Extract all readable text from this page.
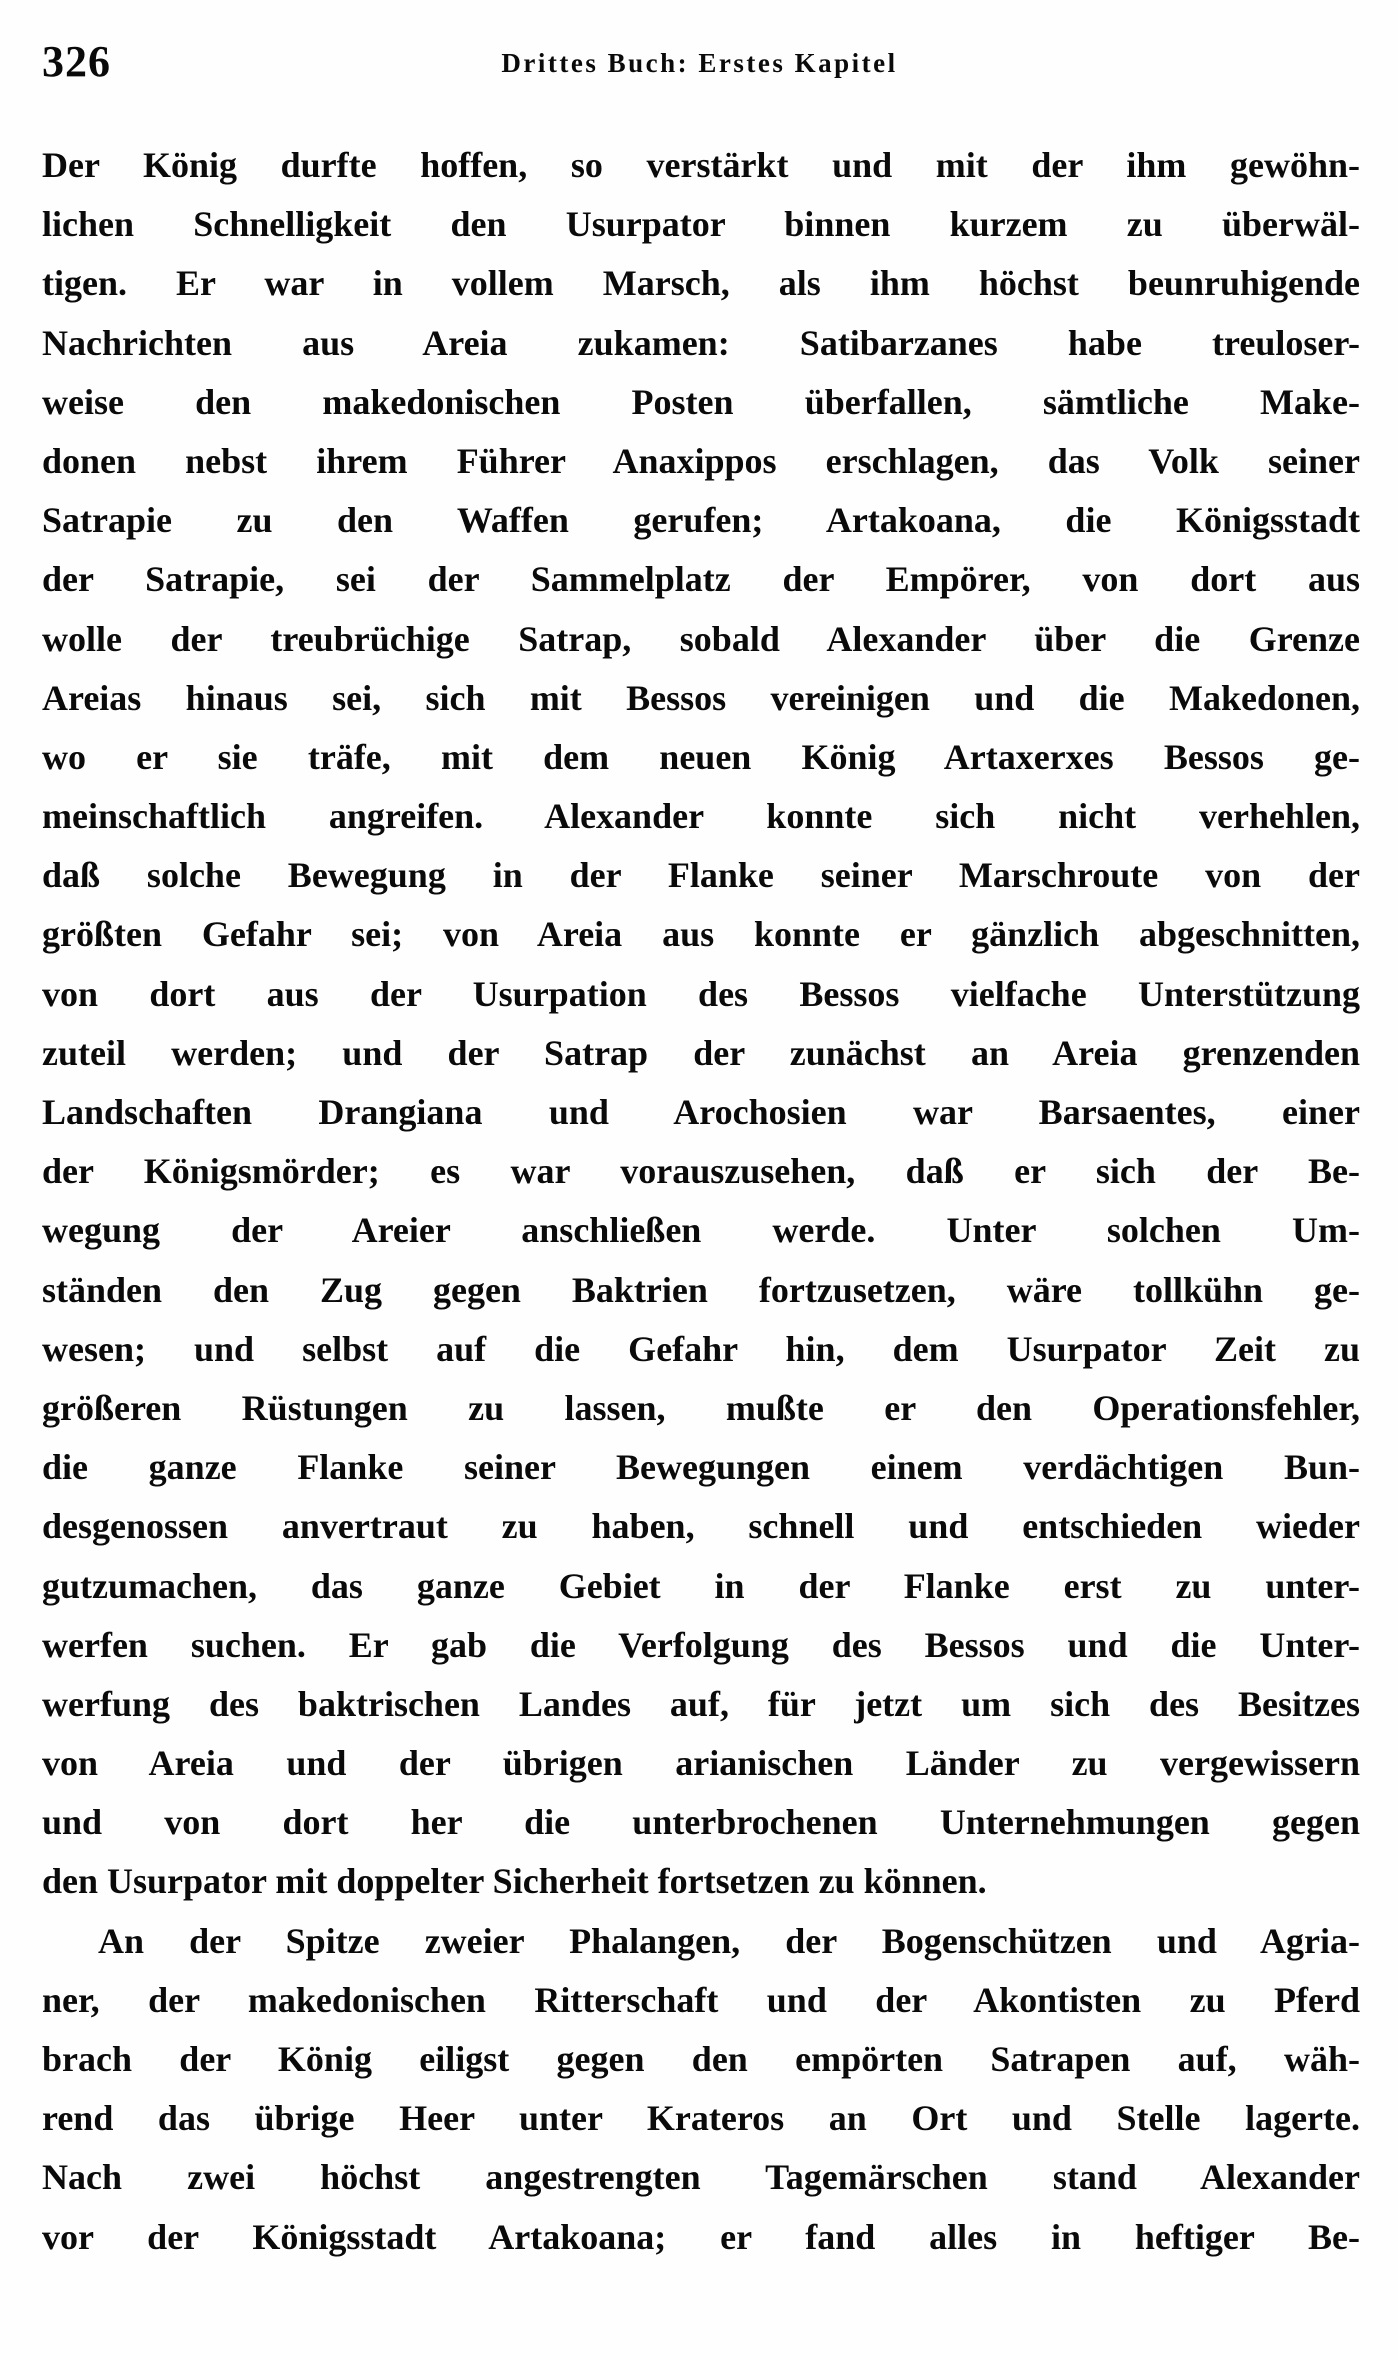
326	Drittes Buch: Erstes Kapitel
Der König durfte hoffen, so verstärkt und mit der ihm gewöhn-
lichen Schnelligkeit den Usurpator binnen kurzem zu überwäl-
tigen. Er war in vollem Marsch, als ihm höchst beunruhigende
Nachrichten aus Areia zukamen: Satibarzanes habe treuloser-
weise den makedonischen Posten überfallen, sämtliche Make-
donen nebst ihrem Führer Anaxippos erschlagen, das Volk seiner
Satrapie zu den Waffen gerufen; Artakoana, die Königsstadt
der Satrapie, sei der Sammelplatz der Empörer, von dort aus
wolle der treubrüchige Satrap, sobald Alexander über die Grenze
Areias hinaus sei, sich mit Bessos vereinigen und die Makedonen,
wo er sie träfe, mit dem neuen König Artaxerxes Bessos ge-
meinschaftlich angreifen. Alexander konnte sich nicht verhehlen,
daß solche Bewegung in der Flanke seiner Marschroute von der
größten Gefahr sei; von Areia aus konnte er gänzlich abgeschnitten,
von dort aus der Usurpation des Bessos vielfache Unterstützung
zuteil werden; und der Satrap der zunächst an Areia grenzenden
Landschaften Drangiana und Arochosien war Barsaentes, einer
der Königsmörder; es war vorauszusehen, daß er sich der Be-
wegung der Areier anschließen werde. Unter solchen Um-
ständen den Zug gegen Baktrien fortzusetzen, wäre tollkühn ge-
wesen; und selbst auf die Gefahr hin, dem Usurpator Zeit zu
größeren Rüstungen zu lassen, mußte er den Operationsfehler,
die ganze Flanke seiner Bewegungen einem verdächtigen Bun-
desgenossen anvertraut zu haben, schnell und entschieden wieder
gutzumachen, das ganze Gebiet in der Flanke erst zu unter-
werfen suchen. Er gab die Verfolgung des Bessos und die Unter-
werfung des baktrischen Landes auf, für jetzt um sich des Besitzes
von Areia und der übrigen arianischen Länder zu vergewissern
und von dort her die unterbrochenen Unternehmungen gegen
den Usurpator mit doppelter Sicherheit fortsetzen zu können.
An der Spitze zweier Phalangen, der Bogenschützen und Agria-
ner, der makedonischen Ritterschaft und der Akontisten zu Pferd
brach der König eiligst gegen den empörten Satrapen auf, wäh-
rend das übrige Heer unter Krateros an Ort und Stelle lagerte.
Nach zwei höchst angestrengten Tagemärschen stand Alexander
vor der Königsstadt Artakoana; er fand alles in heftiger Be-
